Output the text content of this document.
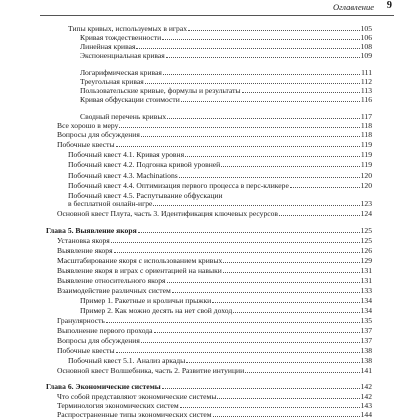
Оглавление 9
Типы кривых, используемых в играх	105
Кривая тождественности	106
Линейная кривая	108
Экспоненциальная кривая	109
Логарифмическая кривая	111
Треугольная кривая	112
Пользовательские кривые, формулы и результаты	113
Кривая обфускации стоимости	116
Сводный перечень кривых	117
Все хорошо в меру	118
Вопросы для обсуждения	118
Побочные квесты	119
Побочный квест 4.1. Кривая уровня	119
Побочный квест 4.2. Подгонка кривой уровней	119
Побочный квест 4.3. Machinations	120
Побочный квест 4.4. Оптимизация первого процесса в перс-кликере	120
Побочный квест 4.5. Распутывание обфускации
в бесплатной онлайн-игре	123
Основной квест Плута, часть 3. Идентификация ключевых ресурсов	124
Глава 5. Выявление якоря	125
Установка якоря	125
Выявление якоря	126
Масштабирование якоря с использованием кривых	129
Выявление якоря в играх с ориентацией на навыки	131
Выявление относительного якоря	131
Взаимодействие различных систем	133
Пример 1. Ракетные и кроличьи прыжки	134
Пример 2. Как можно десять на нет свой доход	134
Гранулярность	135
Выполнение первого прохода	137
Вопросы для обсуждения	137
Побочные квесты	138
Побочный квест 5.1. Анализ аркады	138
Основной квест Волшебника, часть 2. Развитие интуиции	141
Глава 6. Экономические системы	142
Что собой представляют экономические системы	142
Терминология экономических систем	143
Распространенные типы экономических систем	144
